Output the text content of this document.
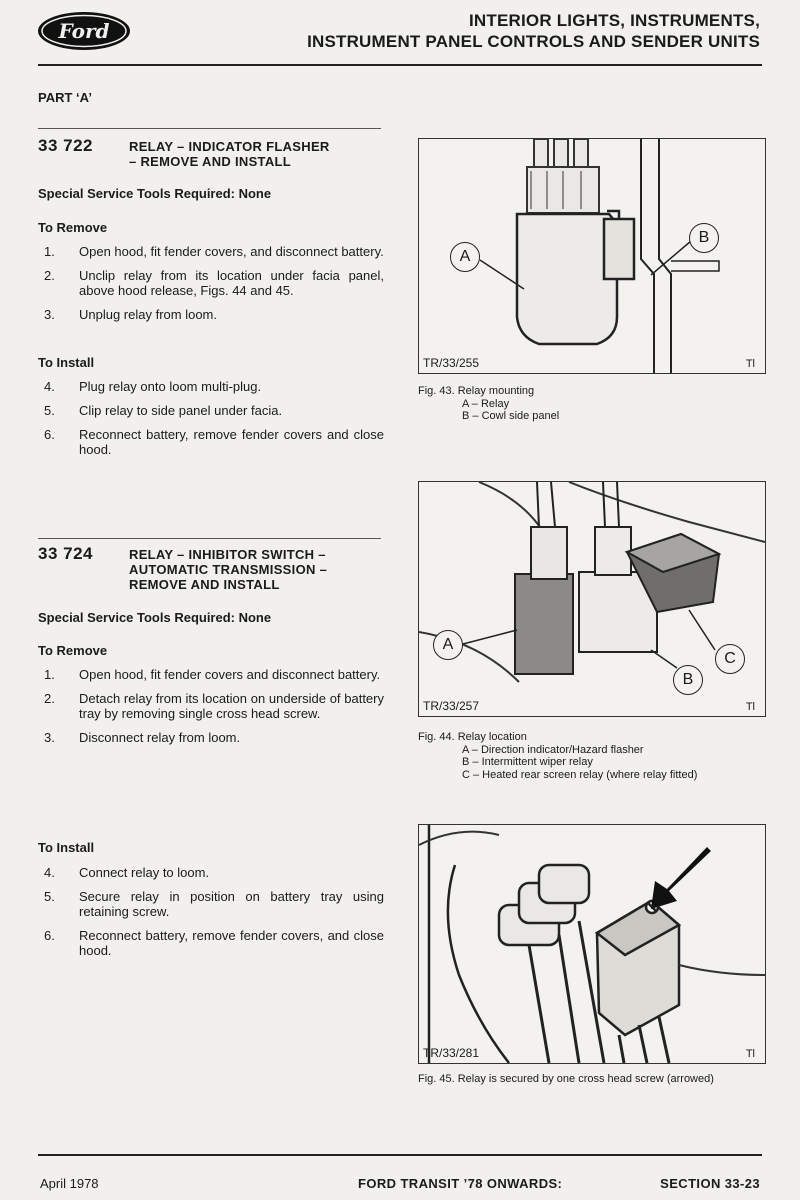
Ford	INTERIOR LIGHTS, INSTRUMENTS,
INSTRUMENT PANEL CONTROLS AND SENDER UNITS
PART ‘A’
33 722	RELAY – INDICATOR FLASHER
– REMOVE AND INSTALL
Special Service Tools Required: None
To Remove
1.	Open hood, fit fender covers, and disconnect battery.
2.	Unclip relay from its location under facia panel, above hood release, Figs. 44 and 45.
3.	Unplug relay from loom.
To Install
4.	Plug relay onto loom multi-plug.
5.	Clip relay to side panel under facia.
6.	Reconnect battery, remove fender covers and close hood.
33 724	RELAY – INHIBITOR SWITCH –
AUTOMATIC TRANSMISSION –
REMOVE AND INSTALL
Special Service Tools Required: None
To Remove
1.	Open hood, fit fender covers and disconnect battery.
2.	Detach relay from its location on underside of battery tray by removing single cross head screw.
3.	Disconnect relay from loom.
To Install
4.	Connect relay to loom.
5.	Secure relay in position on battery tray using retaining screw.
6.	Reconnect battery, remove fender covers, and close hood.
A
B
TR/33/255	Tl
Fig. 43. Relay mounting
A – Relay
B – Cowl side panel
A
B
C
TR/33/257	Tl
Fig. 44. Relay location
A – Direction indicator/Hazard flasher
B – Intermittent wiper relay
C – Heated rear screen relay (where relay fitted)
TR/33/281	Tl
Fig. 45. Relay is secured by one cross head screw (arrowed)
April 1978	FORD TRANSIT ’78 ONWARDS:	SECTION 33-23
